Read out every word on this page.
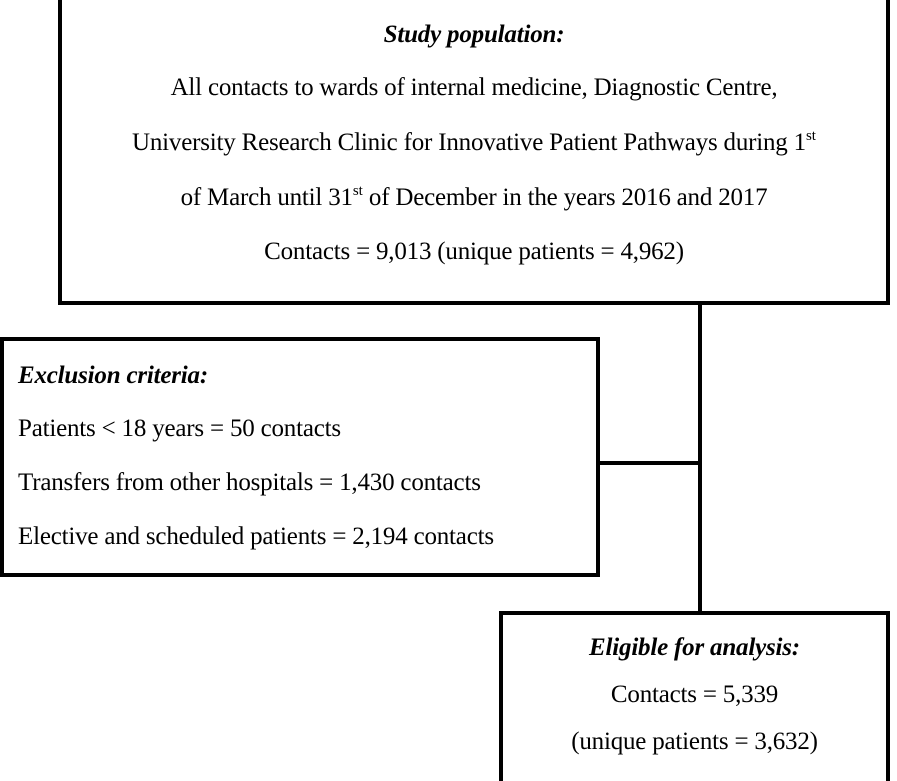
Study population:

All contacts to wards of internal medicine, Diagnostic Centre,

University Research Clinic for Innovative Patient Pathways during 1st

of March until 31st of December in the years 2016 and 2017

Contacts = 9,013 (unique patients = 4,962)

Exclusion criteria:

Patients < 18 years = 50 contacts

Transfers from other hospitals = 1,430 contacts

Elective and scheduled patients = 2,194 contacts

Eligible for analysis:

Contacts = 5,339

(unique patients = 3,632)
